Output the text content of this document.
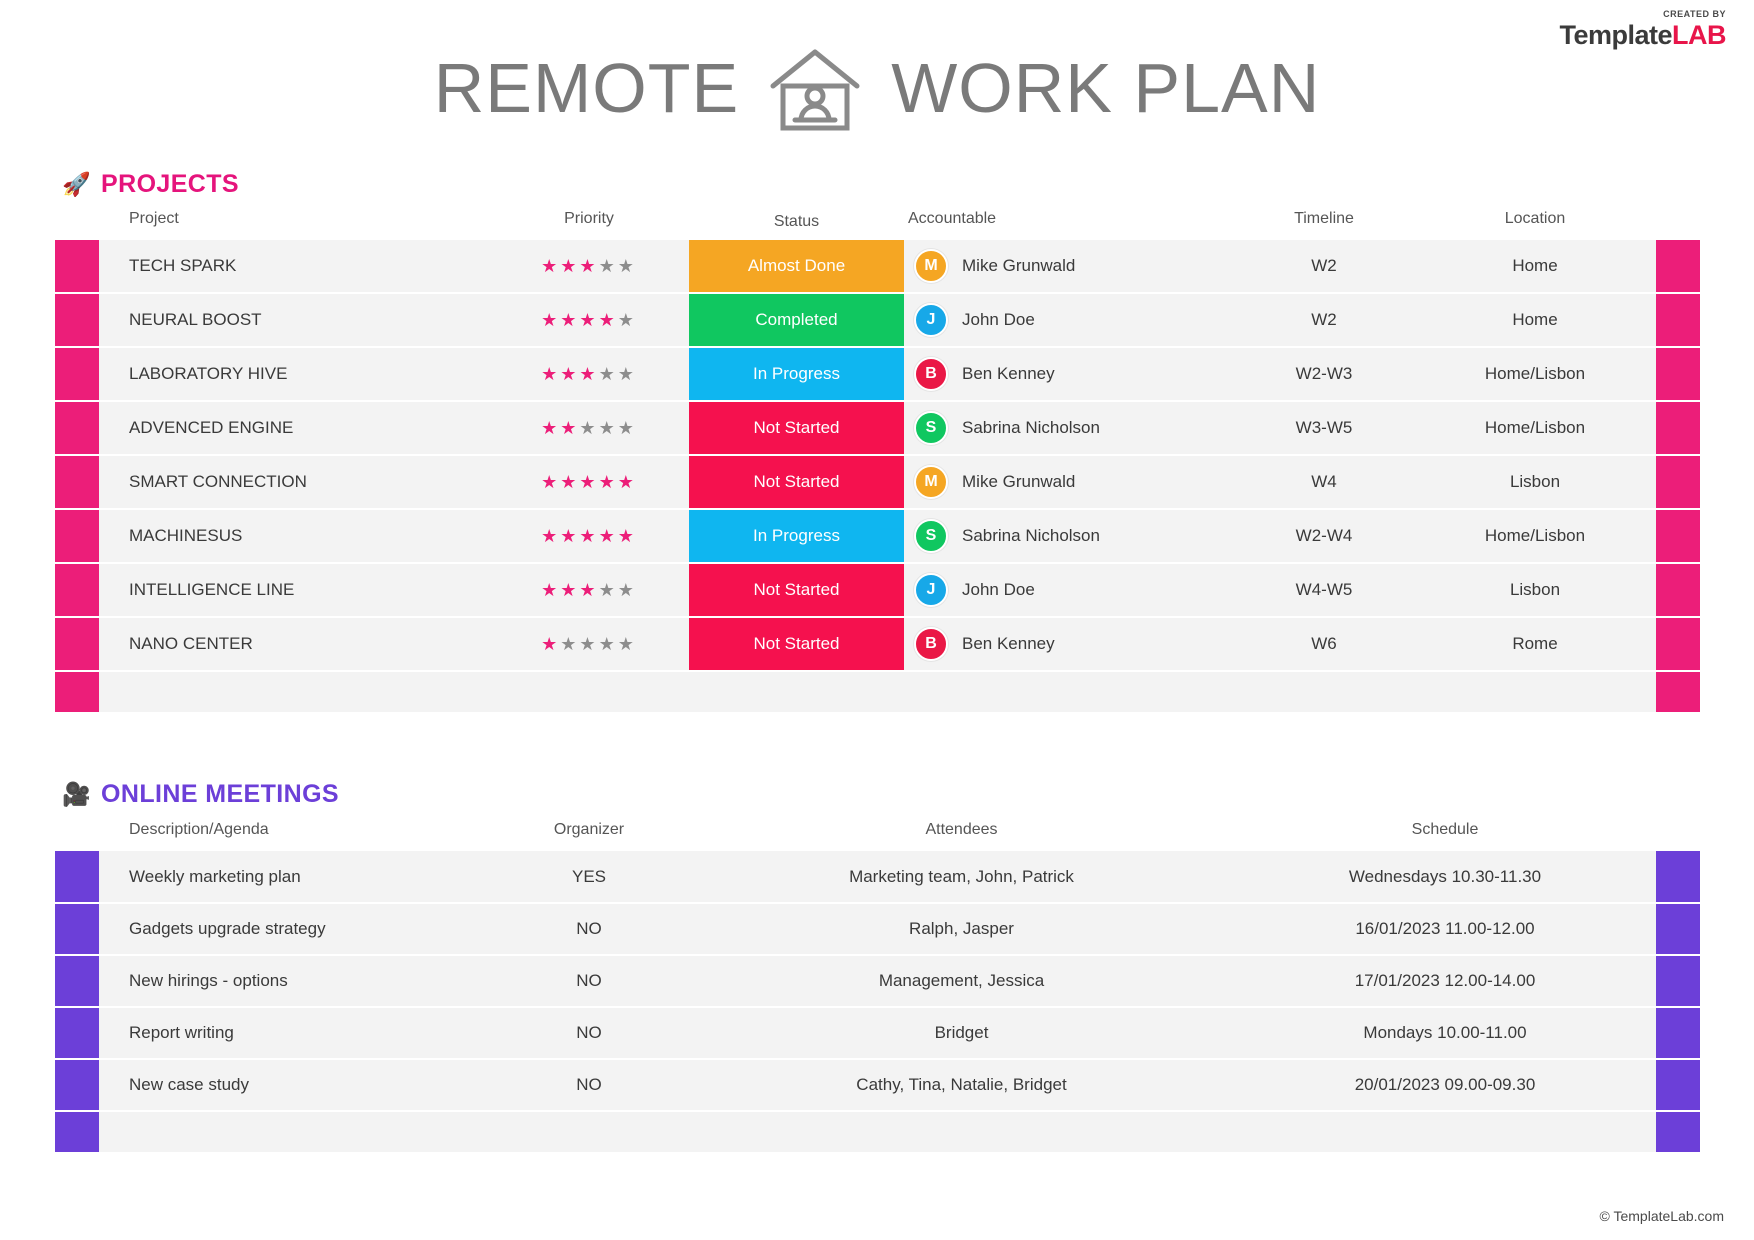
CREATED BY
TemplateLAB
REMOTE WORK PLAN
🚀 PROJECTS
	Project	Priority	Status	Accountable	Timeline	Location	
	TECH SPARK	★★★★★	Almost Done	M Mike Grunwald	W2	Home	
	NEURAL BOOST	★★★★★	Completed	J John Doe	W2	Home	
	LABORATORY HIVE	★★★★★	In Progress	B Ben Kenney	W2-W3	Home/Lisbon	
	ADVENCED ENGINE	★★★★★	Not Started	S Sabrina Nicholson	W3-W5	Home/Lisbon	
	SMART CONNECTION	★★★★★	Not Started	M Mike Grunwald	W4	Lisbon	
	MACHINESUS	★★★★★	In Progress	S Sabrina Nicholson	W2-W4	Home/Lisbon	
	INTELLIGENCE LINE	★★★★★	Not Started	J John Doe	W4-W5	Lisbon	
	NANO CENTER	★★★★★	Not Started	B Ben Kenney	W6	Rome	

🎥 ONLINE MEETINGS
	Description/Agenda	Organizer	Attendees	Schedule	
	Weekly marketing plan	YES	Marketing team, John, Patrick	Wednesdays 10.30-11.30	
	Gadgets upgrade strategy	NO	Ralph, Jasper	16/01/2023 11.00-12.00	
	New hirings - options	NO	Management, Jessica	17/01/2023 12.00-14.00	
	Report writing	NO	Bridget	Mondays 10.00-11.00	
	New case study	NO	Cathy, Tina, Natalie, Bridget	20/01/2023 09.00-09.30	

© TemplateLab.com
